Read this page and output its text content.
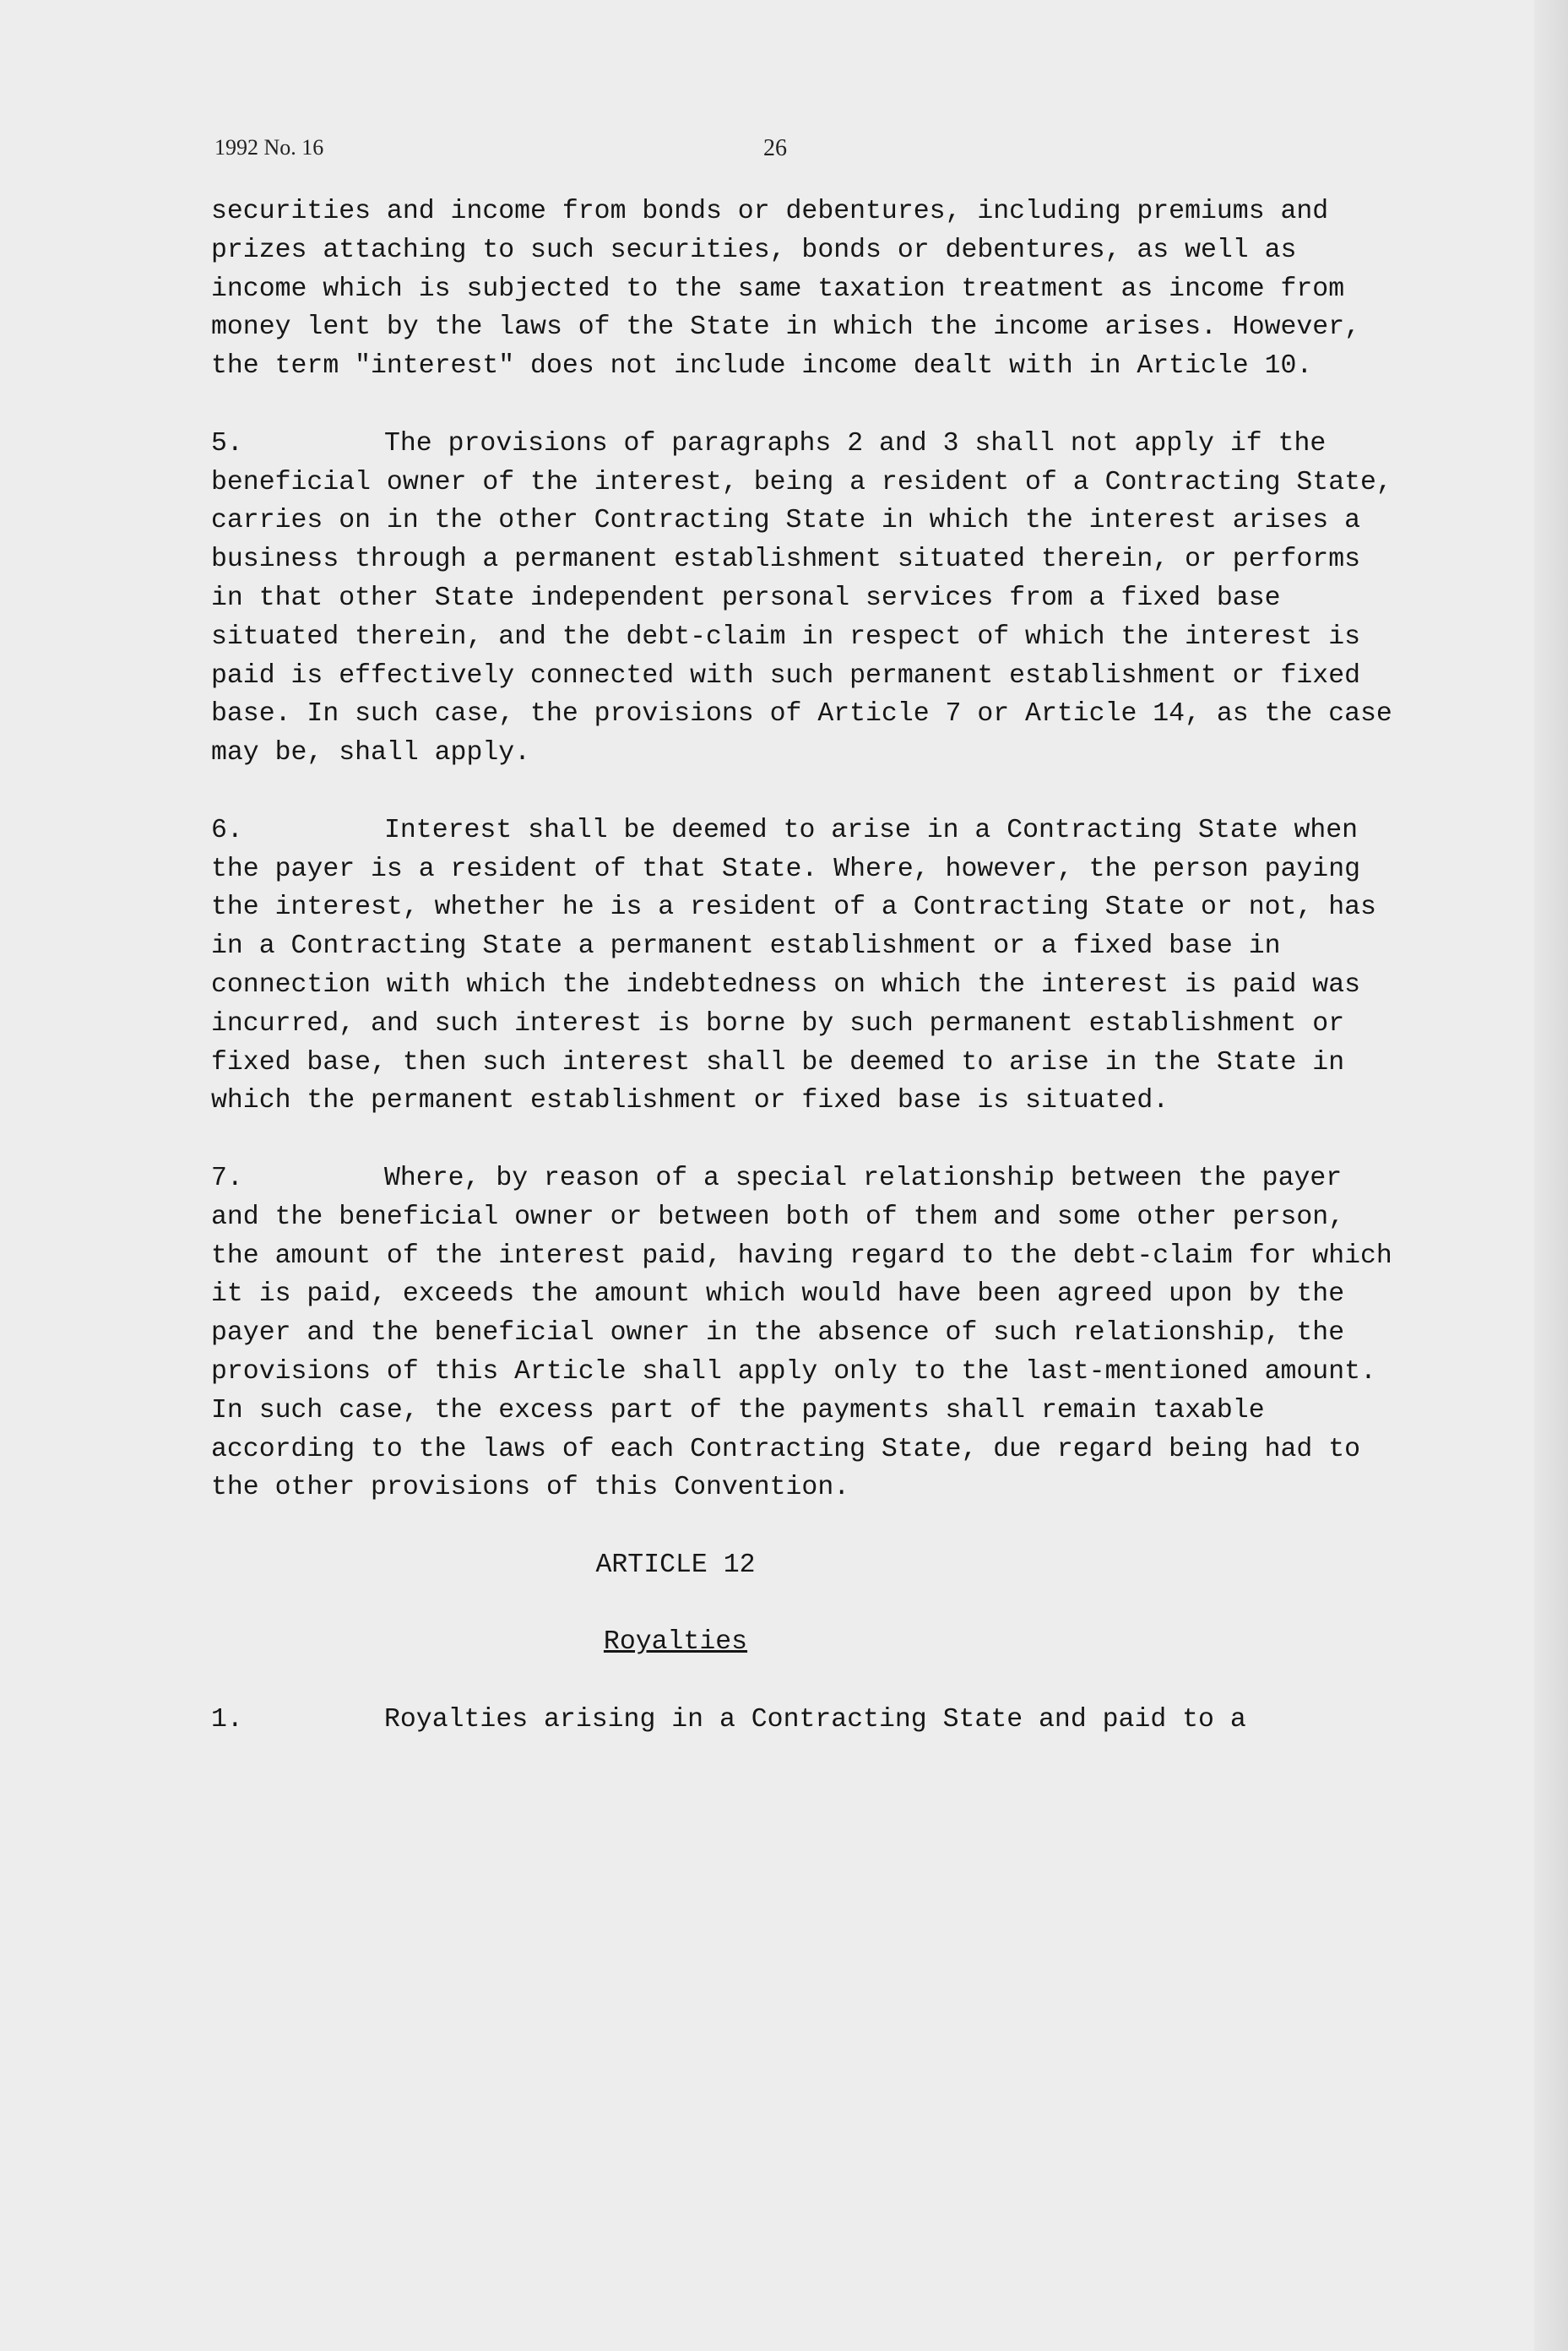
1992 No. 16	26

securities and income from bonds or debentures, including premiums and prizes attaching to such securities, bonds or debentures, as well as income which is subjected to the same taxation treatment as income from money lent by the laws of the State in which the income arises. However, the term "interest" does not include income dealt with in Article 10.

5.	The provisions of paragraphs 2 and 3 shall not apply if the beneficial owner of the interest, being a resident of a Contracting State, carries on in the other Contracting State in which the interest arises a business through a permanent establishment situated therein, or performs in that other State independent personal services from a fixed base situated therein, and the debt-claim in respect of which the interest is paid is effectively connected with such permanent establishment or fixed base. In such case, the provisions of Article 7 or Article 14, as the case may be, shall apply.

6.	Interest shall be deemed to arise in a Contracting State when the payer is a resident of that State. Where, however, the person paying the interest, whether he is a resident of a Contracting State or not, has in a Contracting State a permanent establishment or a fixed base in connection with which the indebtedness on which the interest is paid was incurred, and such interest is borne by such permanent establishment or fixed base, then such interest shall be deemed to arise in the State in which the permanent establishment or fixed base is situated.

7.	Where, by reason of a special relationship between the payer and the beneficial owner or between both of them and some other person, the amount of the interest paid, having regard to the debt-claim for which it is paid, exceeds the amount which would have been agreed upon by the payer and the beneficial owner in the absence of such relationship, the provisions of this Article shall apply only to the last-mentioned amount. In such case, the excess part of the payments shall remain taxable according to the laws of each Contracting State, due regard being had to the other provisions of this Convention.

ARTICLE 12
Royalties

1.	Royalties arising in a Contracting State and paid to a
